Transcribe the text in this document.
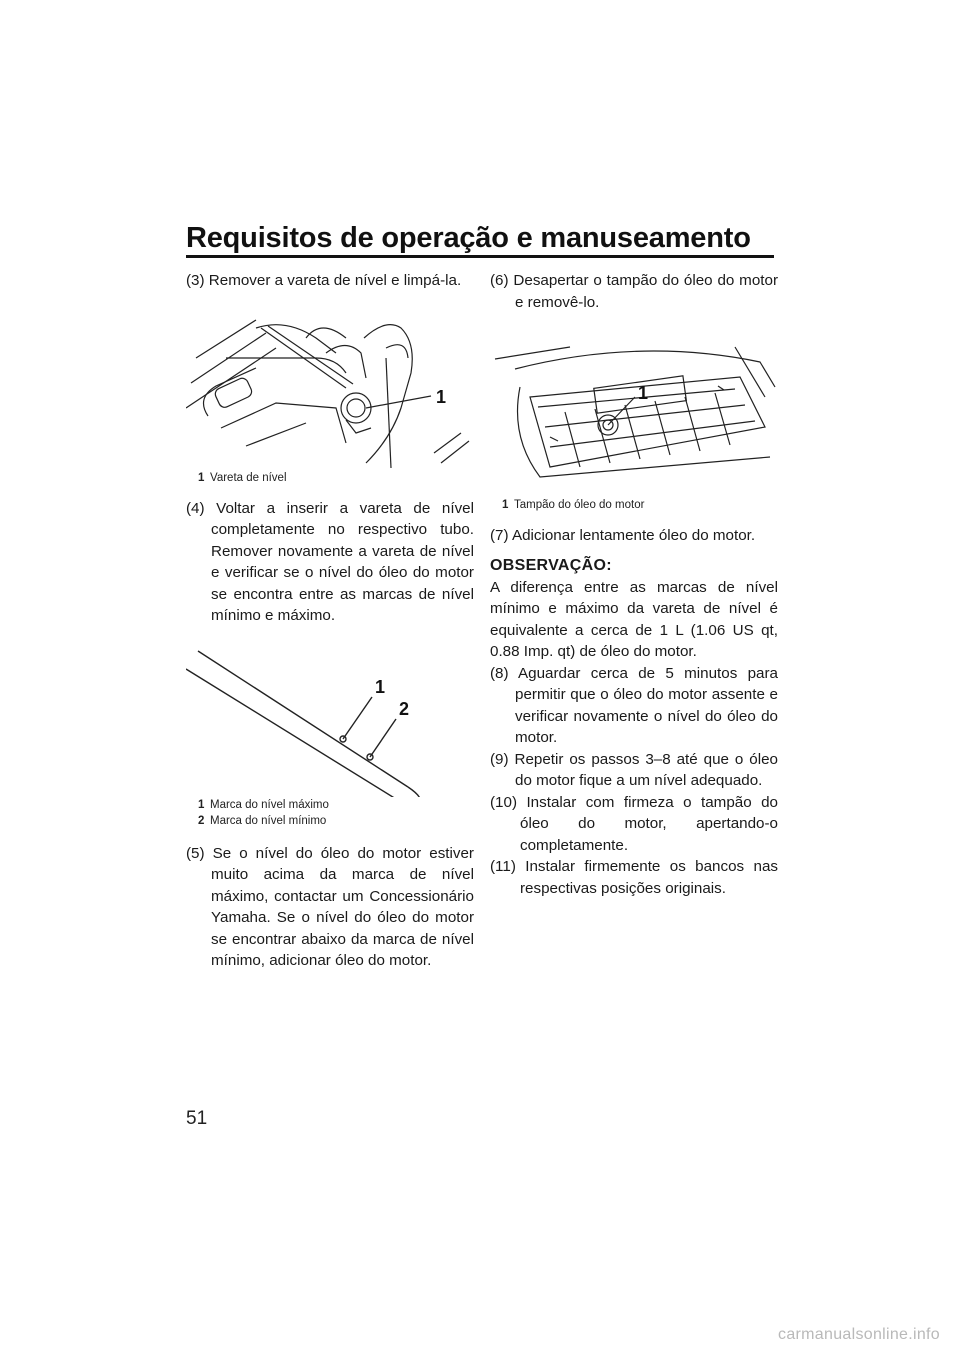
Requisitos de operação e manuseamento

(3) Remover a vareta de nível e limpá-la.

1
1 Vareta de nível

(4) Voltar a inserir a vareta de nível completamente no respectivo tubo. Remover novamente a vareta de nível e verificar se o nível do óleo do motor se encontra entre as marcas de nível mínimo e máximo.

1
2
1 Marca do nível máximo
2 Marca do nível mínimo

(5) Se o nível do óleo do motor estiver muito acima da marca de nível máximo, contactar um Concessionário Yamaha. Se o nível do óleo do motor se encontrar abaixo da marca de nível mínimo, adicionar óleo do motor.

(6) Desapertar o tampão do óleo do motor e removê-lo.

1
1 Tampão do óleo do motor

(7) Adicionar lentamente óleo do motor.

OBSERVAÇÃO:

A diferença entre as marcas de nível mínimo e máximo da vareta de nível é equivalente a cerca de 1 L (1.06 US qt, 0.88 Imp. qt) de óleo do motor.

(8) Aguardar cerca de 5 minutos para permitir que o óleo do motor assente e verificar novamente o nível do óleo do motor.

(9) Repetir os passos 3–8 até que o óleo do motor fique a um nível adequado.

(10) Instalar com firmeza o tampão do óleo do motor, apertando-o completamente.

(11) Instalar firmemente os bancos nas respectivas posições originais.

51
carmanualsonline.info
